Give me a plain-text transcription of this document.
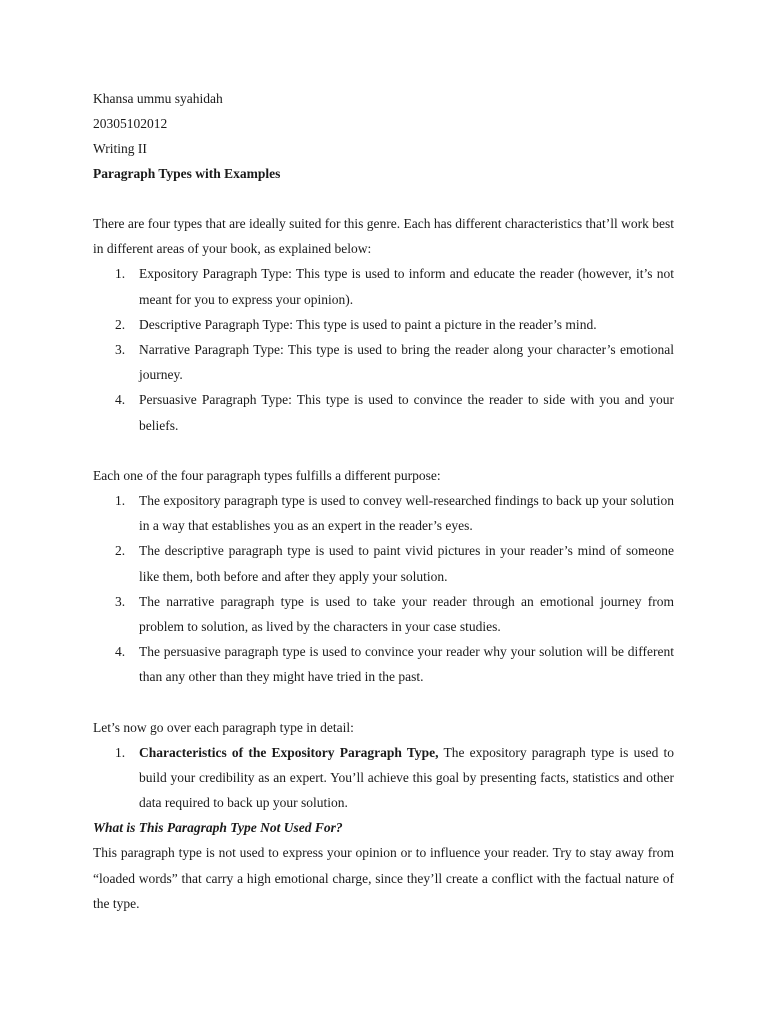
Khansa ummu syahidah
20305102012
Writing II
Paragraph Types with Examples

There are four types that are ideally suited for this genre. Each has different characteristics that’ll work best in different areas of your book, as explained below:

1. Expository Paragraph Type: This type is used to inform and educate the reader (however, it’s not meant for you to express your opinion).
2. Descriptive Paragraph Type: This type is used to paint a picture in the reader’s mind.
3. Narrative Paragraph Type: This type is used to bring the reader along your character’s emotional journey.
4. Persuasive Paragraph Type: This type is used to convince the reader to side with you and your beliefs.

Each one of the four paragraph types fulfills a different purpose:

1. The expository paragraph type is used to convey well-researched findings to back up your solution in a way that establishes you as an expert in the reader’s eyes.
2. The descriptive paragraph type is used to paint vivid pictures in your reader’s mind of someone like them, both before and after they apply your solution.
3. The narrative paragraph type is used to take your reader through an emotional journey from problem to solution, as lived by the characters in your case studies.
4. The persuasive paragraph type is used to convince your reader why your solution will be different than any other than they might have tried in the past.

Let’s now go over each paragraph type in detail:

1. Characteristics of the Expository Paragraph Type, The expository paragraph type is used to build your credibility as an expert. You’ll achieve this goal by presenting facts, statistics and other data required to back up your solution.
What is This Paragraph Type Not Used For?

This paragraph type is not used to express your opinion or to influence your reader. Try to stay away from “loaded words” that carry a high emotional charge, since they’ll create a conflict with the factual nature of the type.
